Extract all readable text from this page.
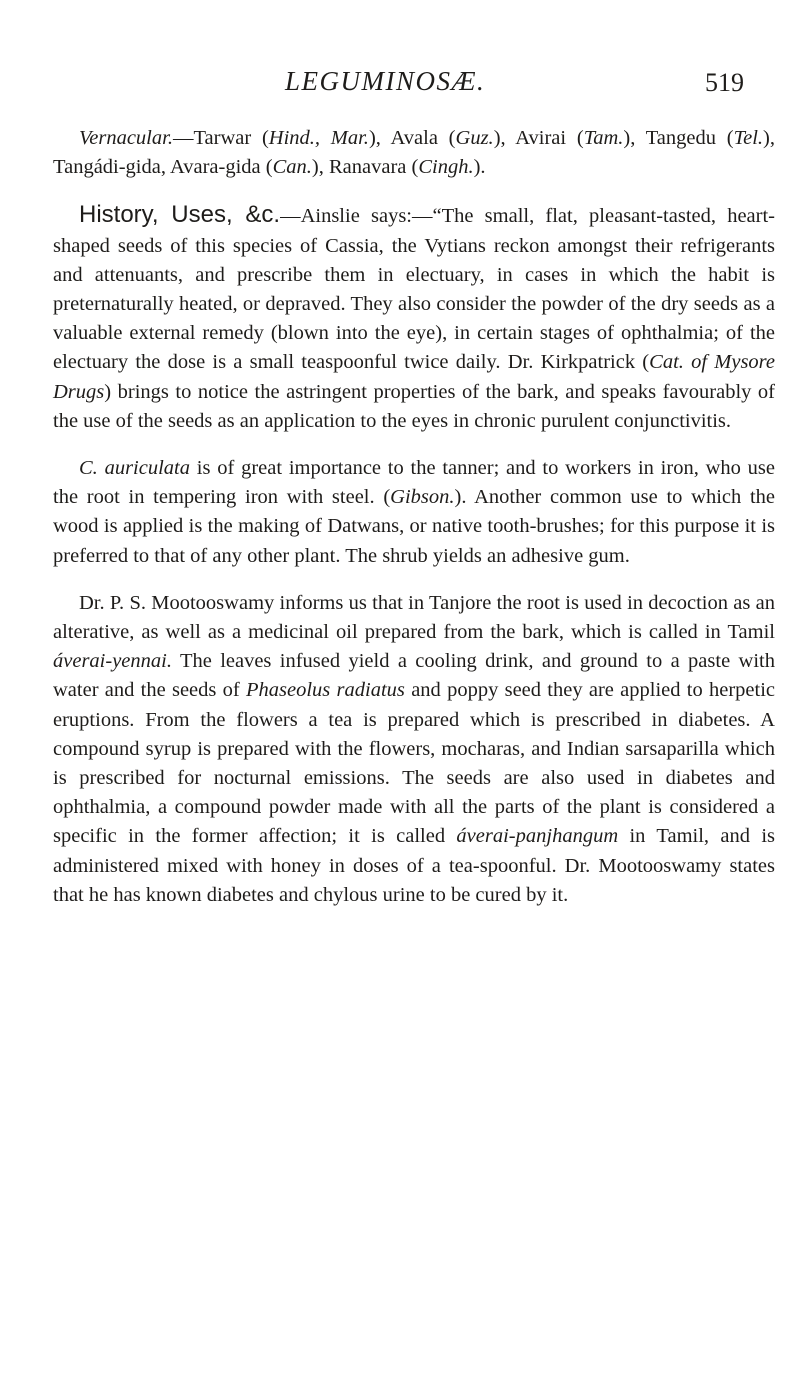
LEGUMINOSÆ.	519

Vernacular.—Tarwar (Hind., Mar.), Avala (Guz.), Avirai (Tam.), Tangedu (Tel.), Tangádi-gida, Avara-gida (Can.), Ranavara (Cingh.).

History, Uses, &c.—Ainslie says:—“The small, flat, pleasant-tasted, heart-shaped seeds of this species of Cassia, the Vytians reckon amongst their refrigerants and attenuants, and prescribe them in electuary, in cases in which the habit is preternaturally heated, or depraved. They also consider the powder of the dry seeds as a valuable external remedy (blown into the eye), in certain stages of ophthalmia; of the electuary the dose is a small teaspoonful twice daily. Dr. Kirkpatrick (Cat. of Mysore Drugs) brings to notice the astringent properties of the bark, and speaks favourably of the use of the seeds as an application to the eyes in chronic purulent conjunctivitis.

C. auriculata is of great importance to the tanner; and to workers in iron, who use the root in tempering iron with steel. (Gibson.). Another common use to which the wood is applied is the making of Datwans, or native tooth-brushes; for this purpose it is preferred to that of any other plant. The shrub yields an adhesive gum.

Dr. P. S. Mootooswamy informs us that in Tanjore the root is used in decoction as an alterative, as well as a medicinal oil prepared from the bark, which is called in Tamil áverai-yennai. The leaves infused yield a cooling drink, and ground to a paste with water and the seeds of Phaseolus radiatus and poppy seed they are applied to herpetic eruptions. From the flowers a tea is prepared which is prescribed in diabetes. A compound syrup is prepared with the flowers, mocharas, and Indian sarsaparilla which is prescribed for nocturnal emissions. The seeds are also used in diabetes and ophthalmia, a compound powder made with all the parts of the plant is considered a specific in the former affection; it is called áverai-panjhangum in Tamil, and is administered mixed with honey in doses of a tea-spoonful. Dr. Mootooswamy states that he has known diabetes and chylous urine to be cured by it.
